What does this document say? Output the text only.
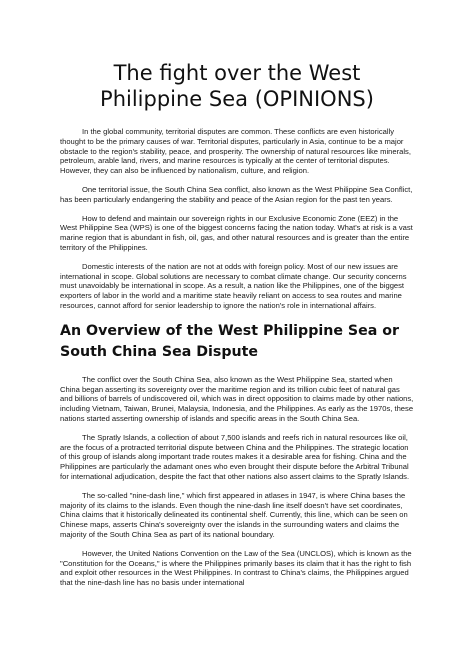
The fight over the West Philippine Sea (OPINIONS)

In the global community, territorial disputes are common. These conflicts are even historically thought to be the primary causes of war. Territorial disputes, particularly in Asia, continue to be a major obstacle to the region's stability, peace, and prosperity. The ownership of natural resources like minerals, petroleum, arable land, rivers, and marine resources is typically at the center of territorial disputes. However, they can also be influenced by nationalism, culture, and religion.

One territorial issue, the South China Sea conflict, also known as the West Philippine Sea Conflict, has been particularly endangering the stability and peace of the Asian region for the past ten years.

How to defend and maintain our sovereign rights in our Exclusive Economic Zone (EEZ) in the West Philippine Sea (WPS) is one of the biggest concerns facing the nation today. What's at risk is a vast marine region that is abundant in fish, oil, gas, and other natural resources and is greater than the entire territory of the Philippines.

Domestic interests of the nation are not at odds with foreign policy. Most of our new issues are international in scope. Global solutions are necessary to combat climate change. Our security concerns must unavoidably be international in scope. As a result, a nation like the Philippines, one of the biggest exporters of labor in the world and a maritime state heavily reliant on access to sea routes and marine resources, cannot afford for senior leadership to ignore the nation's role in international affairs.

An Overview of the West Philippine Sea or South China Sea Dispute

The conflict over the South China Sea, also known as the West Philippine Sea, started when China began asserting its sovereignty over the maritime region and its trillion cubic feet of natural gas and billions of barrels of undiscovered oil, which was in direct opposition to claims made by other nations, including Vietnam, Taiwan, Brunei, Malaysia, Indonesia, and the Philippines. As early as the 1970s, these nations started asserting ownership of islands and specific areas in the South China Sea.

The Spratly Islands, a collection of about 7,500 islands and reefs rich in natural resources like oil, are the focus of a protracted territorial dispute between China and the Philippines. The strategic location of this group of islands along important trade routes makes it a desirable area for fishing. China and the Philippines are particularly the adamant ones who even brought their dispute before the Arbitral Tribunal for international adjudication, despite the fact that other nations also assert claims to the Spratly Islands.

The so-called "nine-dash line," which first appeared in atlases in 1947, is where China bases the majority of its claims to the islands. Even though the nine-dash line itself doesn't have set coordinates, China claims that it historically delineated its continental shelf. Currently, this line, which can be seen on Chinese maps, asserts China's sovereignty over the islands in the surrounding waters and claims the majority of the South China Sea as part of its national boundary.

However, the United Nations Convention on the Law of the Sea (UNCLOS), which is known as the "Constitution for the Oceans," is where the Philippines primarily bases its claim that it has the right to fish and exploit other resources in the West Philippines. In contrast to China's claims, the Philippines argued that the nine-dash line has no basis under international
